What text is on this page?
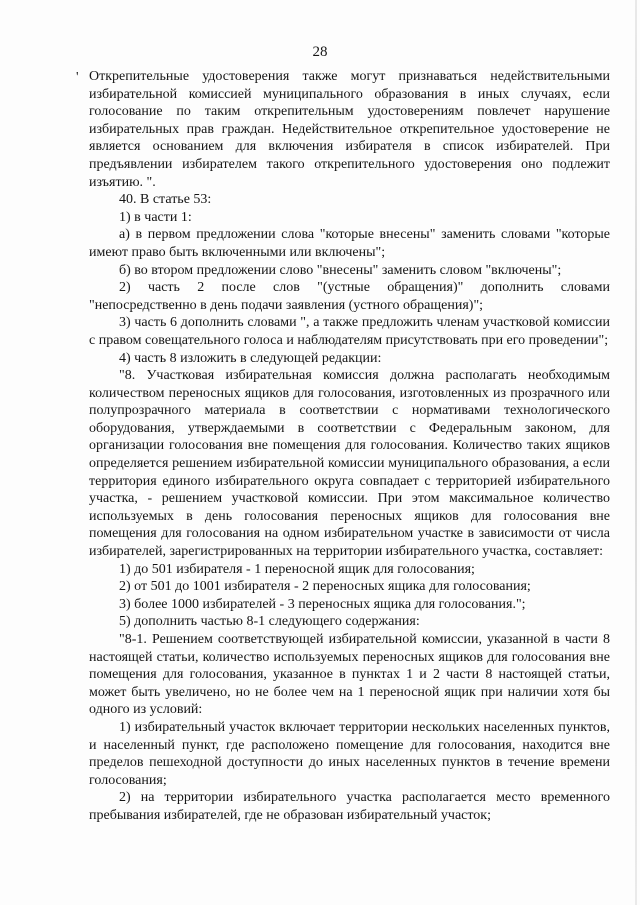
28
' Открепительные удостоверения также могут признаваться недействительными избирательной комиссией муниципального образования в иных случаях, если голосование по таким открепительным удостоверениям повлечет нарушение избирательных прав граждан. Недействительное открепительное удостоверение не является основанием для включения избирателя в список избирателей. При предъявлении избирателем такого открепительного удостоверения оно подлежит изъятию. ".

40. В статье 53:

1) в части 1:

а) в первом предложении слова "которые внесены" заменить словами "которые имеют право быть включенными или включены";

б) во втором предложении слово "внесены" заменить словом "включены";

2) часть 2 после слов "(устные обращения)" дополнить словами "непосредственно в день подачи заявления (устного обращения)";

3) часть 6 дополнить словами ", а также предложить членам участковой комиссии с правом совещательного голоса и наблюдателям присутствовать при его проведении";

4) часть 8 изложить в следующей редакции:

"8. Участковая избирательная комиссия должна располагать необходимым количеством переносных ящиков для голосования, изготовленных из прозрачного или полупрозрачного материала в соответствии с нормативами технологического оборудования, утверждаемыми в соответствии с Федеральным законом, для организации голосования вне помещения для голосования. Количество таких ящиков определяется решением избирательной комиссии муниципального образования, а если территория единого избирательного округа совпадает с территорией избирательного участка, - решением участковой комиссии. При этом максимальное количество используемых в день голосования переносных ящиков для голосования вне помещения для голосования на одном избирательном участке в зависимости от числа избирателей, зарегистрированных на территории избирательного участка, составляет:

1) до 501 избирателя - 1 переносной ящик для голосования;

2) от 501 до 1001 избирателя - 2 переносных ящика для голосования;

3) более 1000 избирателей - 3 переносных ящика для голосования.";

5) дополнить частью 8-1 следующего содержания:

"8-1. Решением соответствующей избирательной комиссии, указанной в части 8 настоящей статьи, количество используемых переносных ящиков для голосования вне помещения для голосования, указанное в пунктах 1 и 2 части 8 настоящей статьи, может быть увеличено, но не более чем на 1 переносной ящик при наличии хотя бы одного из условий:

1) избирательный участок включает территории нескольких населенных пунктов, и населенный пункт, где расположено помещение для голосования, находится вне пределов пешеходной доступности до иных населенных пунктов в течение времени голосования;

2) на территории избирательного участка располагается место временного пребывания избирателей, где не образован избирательный участок;
